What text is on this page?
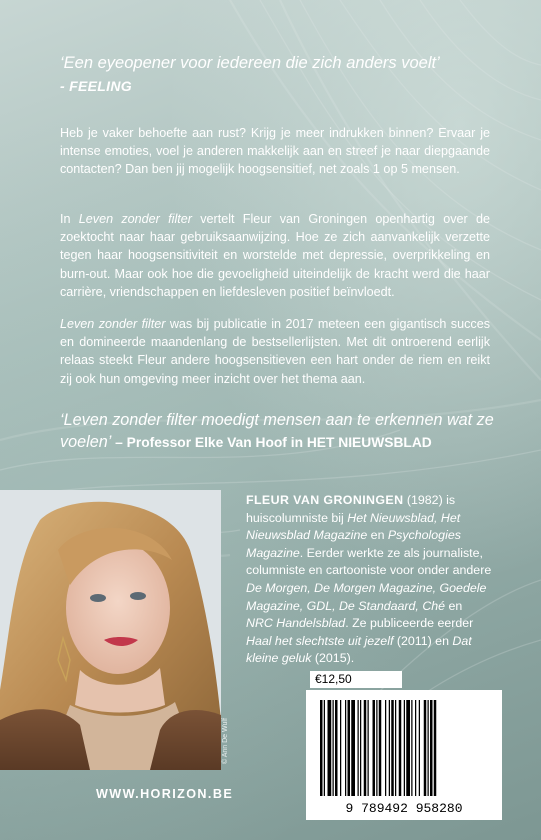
‘Een eyeopener voor iedereen die zich anders voelt’
- FEELING

Heb je vaker behoefte aan rust? Krijg je meer indrukken binnen? Ervaar je intense emoties, voel je anderen makkelijk aan en streef je naar diepgaande contacten? Dan ben jij mogelijk hoogsensitief, net zoals 1 op 5 mensen.

In Leven zonder filter vertelt Fleur van Groningen openhartig over de zoektocht naar haar gebruiksaanwijzing. Hoe ze zich aanvankelijk verzette tegen haar hoogsensitiviteit en worstelde met depressie, overprikkeling en burn-out. Maar ook hoe die gevoeligheid uiteindelijk de kracht werd die haar carrière, vriendschappen en liefdesleven positief beïnvloedt.

Leven zonder filter was bij publicatie in 2017 meteen een gigantisch succes en domineerde maandenlang de bestsellerlijsten. Met dit ontroerend eerlijk relaas steekt Fleur andere hoogsensitieven een hart onder de riem en reikt zij ook hun omgeving meer inzicht over het thema aan.

‘Leven zonder filter moedigt mensen aan te erkennen wat ze voelen’ – Professor Elke Van Hoof in HET NIEUWSBLAD
© Ann De Wulf
FLEUR VAN GRONINGEN (1982) is huiscolumniste bij Het Nieuwsblad, Het Nieuwsblad Magazine en Psychologies Magazine. Eerder werkte ze als journaliste, columniste en cartooniste voor onder andere De Morgen, De Morgen Magazine, Goedele Magazine, GDL, De Standaard, Ché en NRC Handelsblad. Ze publiceerde eerder Haal het slechtste uit jezelf (2011) en Dat kleine geluk (2015).
€12,50
9 789492 958280
WWW.HORIZON.BE
